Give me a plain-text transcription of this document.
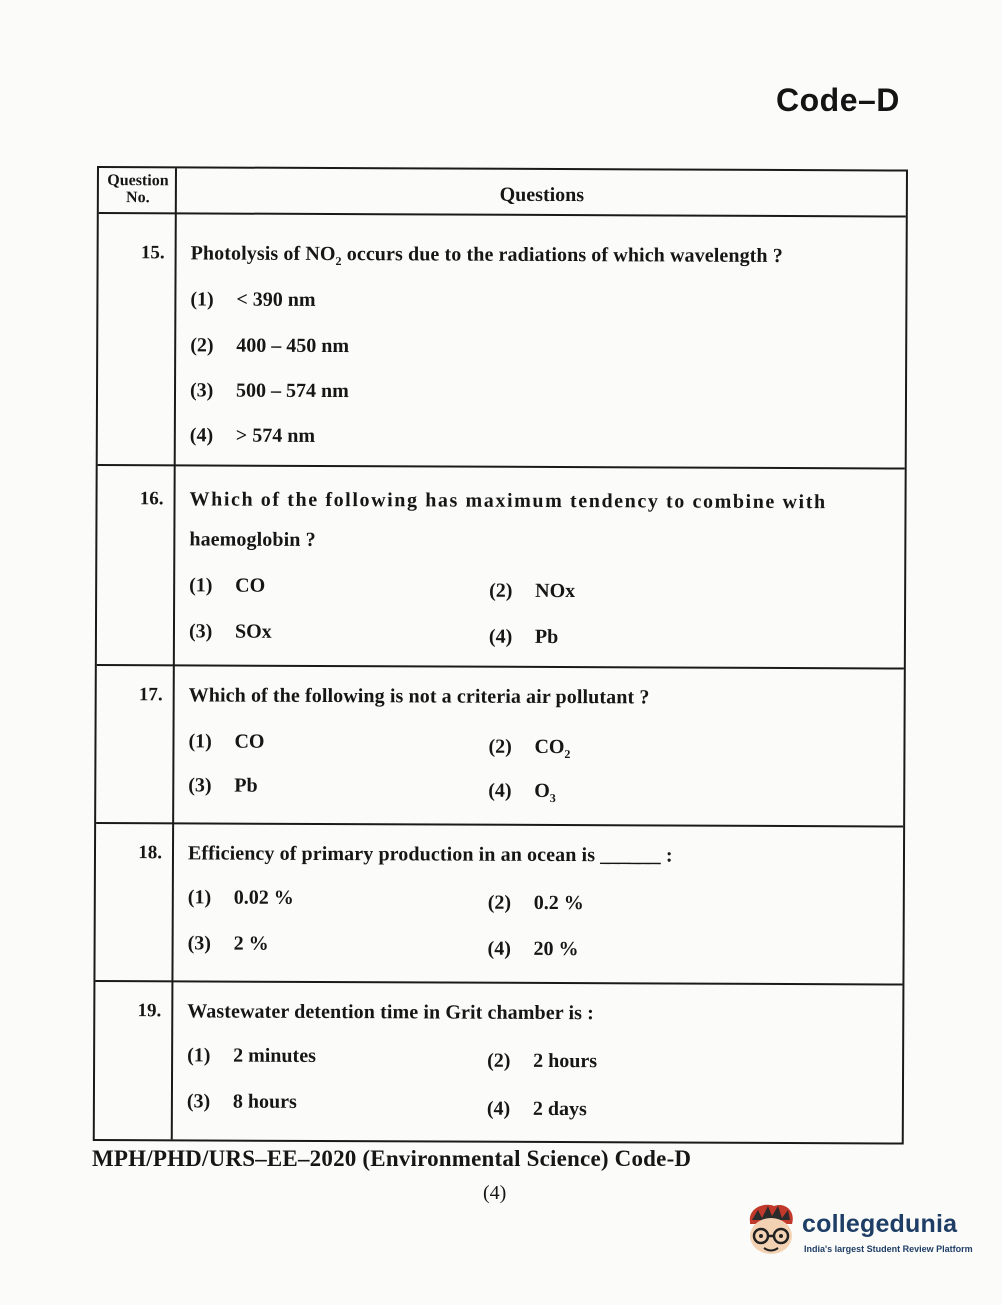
Code–D
Question
No.	Questions
15. Photolysis of $NO_2$ occurs due to the radiations of which wavelength ?
(1) < 390 nm
(2) 400 – 450 nm
(3) 500 – 574 nm
(4) > 574 nm
16. Which of the following has maximum tendency to combine with
haemoglobin ?
(1) CO	(2) NOx
(3) SOx	(4) Pb
17. Which of the following is not a criteria air pollutant ?
(1) CO	(2) $CO_2$
(3) Pb	(4) $O_3$
18. Efficiency of primary production in an ocean is ______ :
(1) 0.02 %	(2) 0.2 %
(3) 2 %	(4) 20 %
19. Wastewater detention time in Grit chamber is :
(1) 2 minutes	(2) 2 hours
(3) 8 hours	(4) 2 days
MPH/PHD/URS–EE–2020 (Environmental Science) Code-D
(4)
collegedunia
India's largest Student Review Platform
